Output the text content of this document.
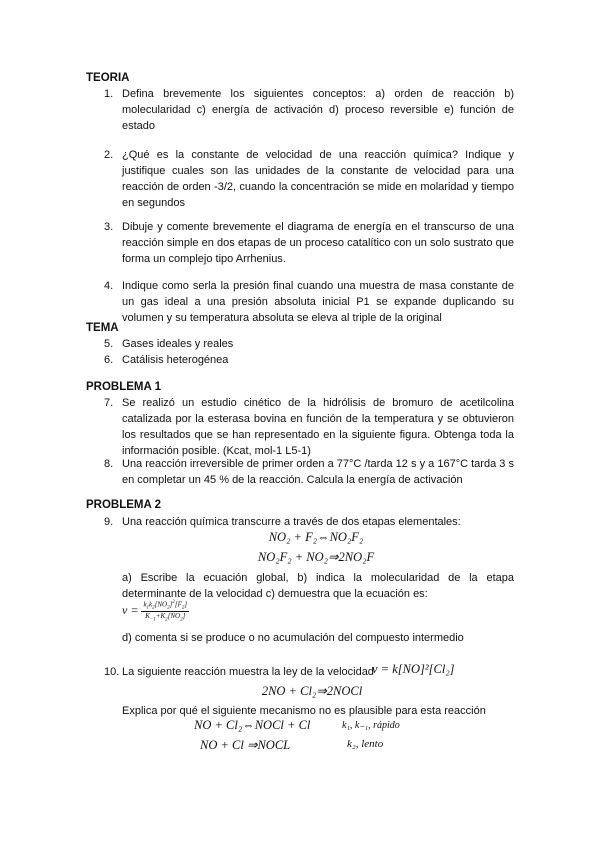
TEORIA
1. Defina brevemente los siguientes conceptos: a) orden de reacción b) molecularidad c) energía de activación d) proceso reversible e) función de estado
2. ¿Qué es la constante de velocidad de una reacción química? Indique y justifique cuales son las unidades de la constante de velocidad para una reacción de orden -3/2, cuando la concentración se mide en molaridad y tiempo en segundos
3. Dibuje y comente brevemente el diagrama de energía en el transcurso de una reacción simple en dos etapas de un proceso catalítico con un solo sustrato que forma un complejo tipo Arrhenius.
4. Indique como serla la presión final cuando una muestra de masa constante de un gas ideal a una presión absoluta inicial P1 se expande duplicando su volumen y su temperatura absoluta se eleva al triple de la original
TEMA
5. Gases ideales y reales
6. Catálisis heterogénea
PROBLEMA 1
7. Se realizó un estudio cinético de la hidrólisis de bromuro de acetilcolina catalizada por la esterasa bovina en función de la temperatura y se obtuvieron los resultados que se han representado en la siguiente figura. Obtenga toda la información posible. (Kcat, mol-1 L5-1)
8. Una reacción irreversible de primer orden a 77°C /tarda 12 s y a 167°C tarda 3 s en completar un 45 % de la reacción. Calcula la energía de activación
PROBLEMA 2
9. Una reacción química transcurre a través de dos etapas elementales:
NO₂ + F₂⇔NO₂F₂
NO₂F₂ + NO₂⇒2NO₂F
a) Escribe la ecuación global, b) indica la molecularidad de la etapa determinante de la velocidad c) demuestra que la ecuación es:
$v = \frac{k_1k_2[NO_2]^2[F_2]}{K_{-1}+K_2[NO_2]}$
d) comenta si se produce o no acumulación del compuesto intermedio
10. La siguiente reacción muestra la ley de la velocidad
v = k[NO]²[Cl₂]
2NO + Cl₂⇒2NOCl
Explica por qué el siguiente mecanismo no es plausible para esta reacción
NO + Cl₂⇔NOCl + Cl	k₁, k₋₁, rápido
NO + Cl ⇒NOCL	k₂, lento
